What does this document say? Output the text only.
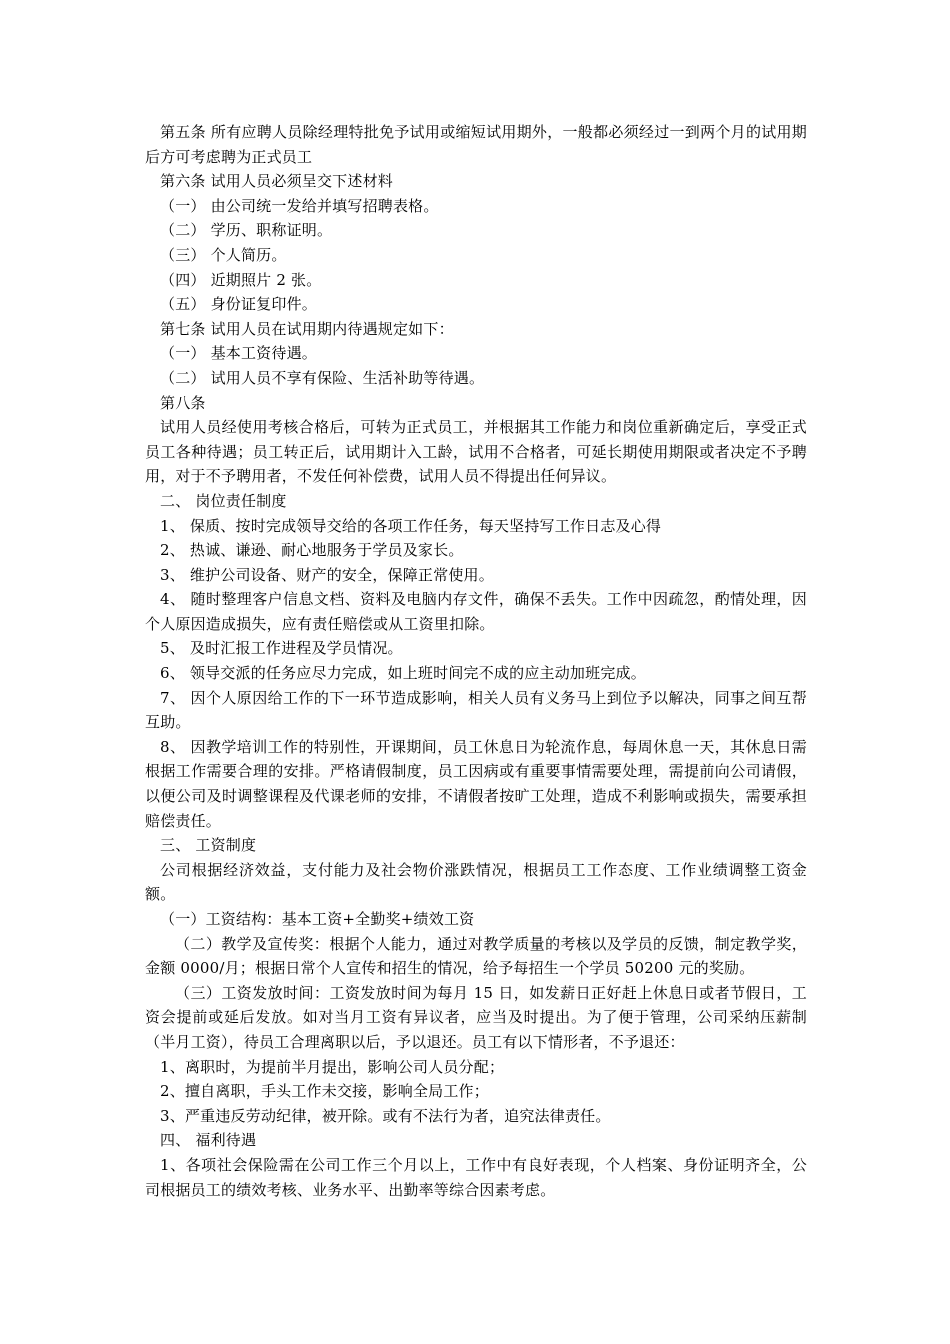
第五条 所有应聘人员除经理特批免予试用或缩短试用期外，一般都必须经过一到两个月的试用期后方可考虑聘为正式员工

第六条 试用人员必须呈交下述材料

（一） 由公司统一发给并填写招聘表格。

（二） 学历、职称证明。

（三） 个人简历。

（四） 近期照片 2 张。

（五） 身份证复印件。

第七条 试用人员在试用期内待遇规定如下：

（一） 基本工资待遇。

（二） 试用人员不享有保险、生活补助等待遇。

第八条

试用人员经使用考核合格后，可转为正式员工，并根据其工作能力和岗位重新确定后，享受正式员工各种待遇；员工转正后，试用期计入工龄，试用不合格者，可延长期使用期限或者决定不予聘用，对于不予聘用者，不发任何补偿费，试用人员不得提出任何异议。

二、 岗位责任制度

1、 保质、按时完成领导交给的各项工作任务，每天坚持写工作日志及心得

2、 热诚、谦逊、耐心地服务于学员及家长。

3、 维护公司设备、财产的安全，保障正常使用。

4、 随时整理客户信息文档、资料及电脑内存文件，确保不丢失。工作中因疏忽，酌情处理，因个人原因造成损失，应有责任赔偿或从工资里扣除。

5、 及时汇报工作进程及学员情况。

6、 领导交派的任务应尽力完成，如上班时间完不成的应主动加班完成。

7、 因个人原因给工作的下一环节造成影响，相关人员有义务马上到位予以解决，同事之间互帮互助。

8、 因教学培训工作的特别性，开课期间，员工休息日为轮流作息，每周休息一天，其休息日需根据工作需要合理的安排。严格请假制度，员工因病或有重要事情需要处理，需提前向公司请假，以便公司及时调整课程及代课老师的安排，不请假者按旷工处理，造成不利影响或损失，需要承担赔偿责任。

三、 工资制度

公司根据经济效益，支付能力及社会物价涨跌情况，根据员工工作态度、工作业绩调整工资金额。

（一）工资结构：基本工资+全勤奖+绩效工资

（二）教学及宣传奖：根据个人能力，通过对教学质量的考核以及学员的反馈，制定教学奖，金额 0000/月；根据日常个人宣传和招生的情况，给予每招生一个学员 50200 元的奖励。

（三）工资发放时间：工资发放时间为每月 15 日，如发薪日正好赶上休息日或者节假日，工资会提前或延后发放。如对当月工资有异议者，应当及时提出。为了便于管理，公司采纳压薪制（半月工资），待员工合理离职以后，予以退还。员工有以下情形者，不予退还：

1、离职时，为提前半月提出，影响公司人员分配；

2、擅自离职，手头工作未交接，影响全局工作；

3、严重违反劳动纪律，被开除。或有不法行为者，追究法律责任。

四、 福利待遇

1、各项社会保险需在公司工作三个月以上，工作中有良好表现，个人档案、身份证明齐全，公司根据员工的绩效考核、业务水平、出勤率等综合因素考虑。
